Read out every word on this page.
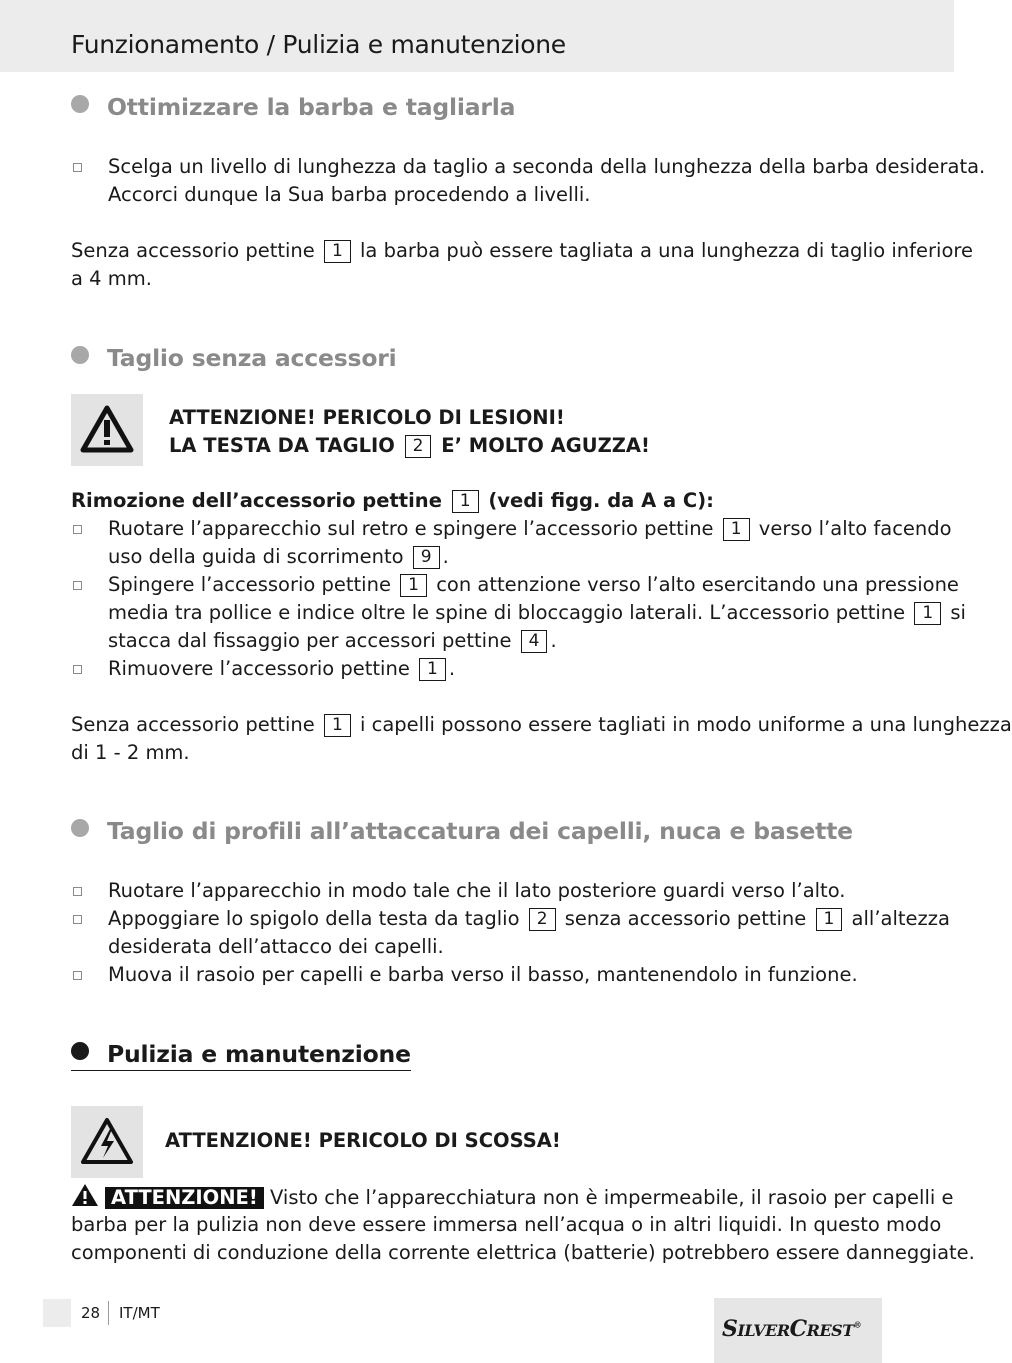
Funzionamento / Pulizia e manutenzione
Ottimizzare la barba e tagliarla
Scelga un livello di lunghezza da taglio a seconda della lunghezza della barba desiderata.
Accorci dunque la Sua barba procedendo a livelli.
Senza accessorio pettine 1 la barba può essere tagliata a una lunghezza di taglio inferiore
a 4 mm.
Taglio senza accessori
ATTENZIONE! PERICOLO DI LESIONI!
LA TESTA DA TAGLIO 2 E’ MOLTO AGUZZA!
Rimozione dell’accessorio pettine 1 (vedi figg. da A a C):
Ruotare l’apparecchio sul retro e spingere l’accessorio pettine 1 verso l’alto facendo
uso della guida di scorrimento 9 .
Spingere l’accessorio pettine 1 con attenzione verso l’alto esercitando una pressione
media tra pollice e indice oltre le spine di bloccaggio laterali. L’accessorio pettine 1 si
stacca dal fissaggio per accessori pettine 4 .
Rimuovere l’accessorio pettine 1 .
Senza accessorio pettine 1 i capelli possono essere tagliati in modo uniforme a una lunghezza
di 1 - 2 mm.
Taglio di profili all’attaccatura dei capelli, nuca e basette
Ruotare l’apparecchio in modo tale che il lato posteriore guardi verso l’alto.
Appoggiare lo spigolo della testa da taglio 2 senza accessorio pettine 1 all’altezza
desiderata dell’attacco dei capelli.
Muova il rasoio per capelli e barba verso il basso, mantenendolo in funzione.
Pulizia e manutenzione
ATTENZIONE! PERICOLO DI SCOSSA!
ATTENZIONE! Visto che l’apparecchiatura non è impermeabile, il rasoio per capelli e
barba per la pulizia non deve essere immersa nell’acqua o in altri liquidi. In questo modo
componenti di conduzione della corrente elettrica (batterie) potrebbero essere danneggiate.
28 IT/MT
SILVERCREST®
